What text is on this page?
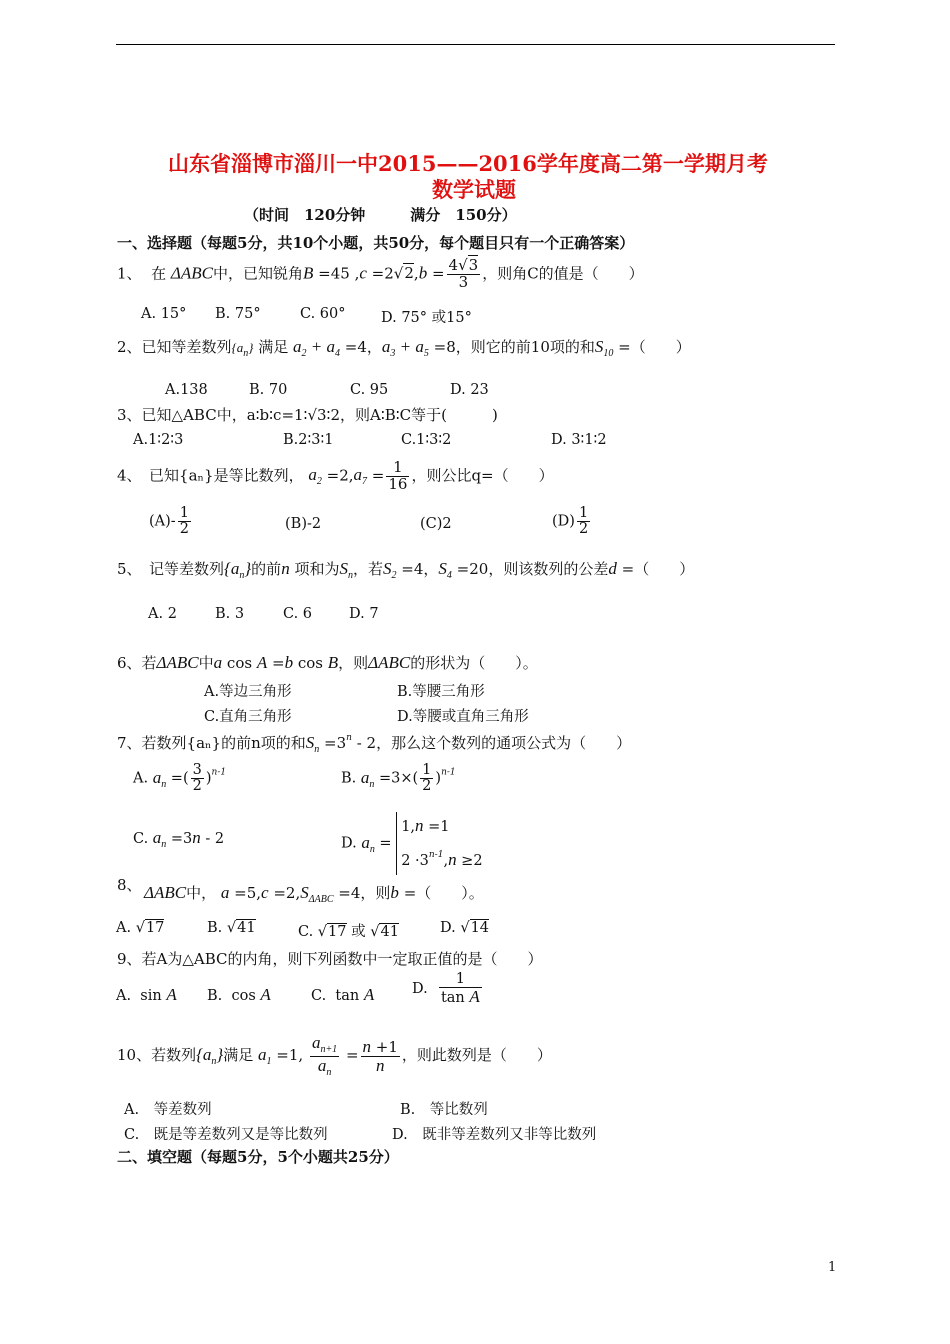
山东省淄博市淄川一中2015——2016学年度高二第一学期月考
数学试题
（时间　120分钟　　　满分　150分）
一、选择题（每题5分，共10个小题，共50分，每个题目只有一个正确答案）
1、 在 ΔABC中，已知锐角B =45 $,c =2√2,b = \frac{4√3}{3}$ ，则角C的值是（　　）
A. 15° B. 75°	C. 60° D. 75° 或15°
2、已知等差数列$\{a_n\}$ 满足 $a_2 + a_4 =4$，$a_3 + a_5 =8$，则它的前10项的和$S_{10}$ =（　　）
A.138	B. 70	C. 95	D. 23
3、已知△ABC中，a∶b∶c=1∶√3∶2，则A∶B∶C等于(　　　)
A.1∶2∶3	B.2∶3∶1	C.1∶3∶2	D. 3∶1∶2
4、　已知{aₙ}是等比数列， $a_2 =2,a_7 = \frac{1}{16}$ ，则公比q=（　　）
$(A)- \frac{1}{2}$	(B)-2	(C)2	$(D) \frac{1}{2}$
5、　记等差数列$\{a_n\}$的前n 项和为$S_n$，若$S_2 =4$，$S_4 =20$，则该数列的公差d =（　　）
A. 2	B. 3	C. 6	D. 7
6、若ΔABC中a cos A =b cos B，则ΔABC的形状为（　　）。
A.等边三角形	B.等腰三角形
C.直角三角形	D.等腰或直角三角形
7、若数列{aₙ}的前n项的和$S_n =3^n - 2$，那么这个数列的通项公式为（　　）
A. $a_n$ =( $\frac{3}{2} )^{n-1}$	B. $a_n =3\times( \frac{1}{2} )^{n-1}$
C. $a_n =3n - 2$	D. $a_n$ =
1,n =1
$2 \cdot 3^{n-1},n \ge 2$
8、 ΔABC中， $a =5,c =2,S_{\Delta ABC} =4$，则b =（　　）。
A. √17	B. √41	C. √17 或 √41	D. √14
9、若A为△ABC的内角，则下列函数中一定取正值的是（　　）
A.  sin A B.  cos A	C.  tan A	D. $\frac{1}{\text{tan A}}$
10、若数列$\{a_n\}$满足 $a_1 =1$, $\frac{a_{n+1}}{a_n} = \frac{n +1}{n}$ ，则此数列是（　　）
A.　等差数列	B.　等比数列
C.　既是等差数列又是等比数列	D.　既非等差数列又非等比数列
二、填空题（每题5分，5个小题共25分）
1
